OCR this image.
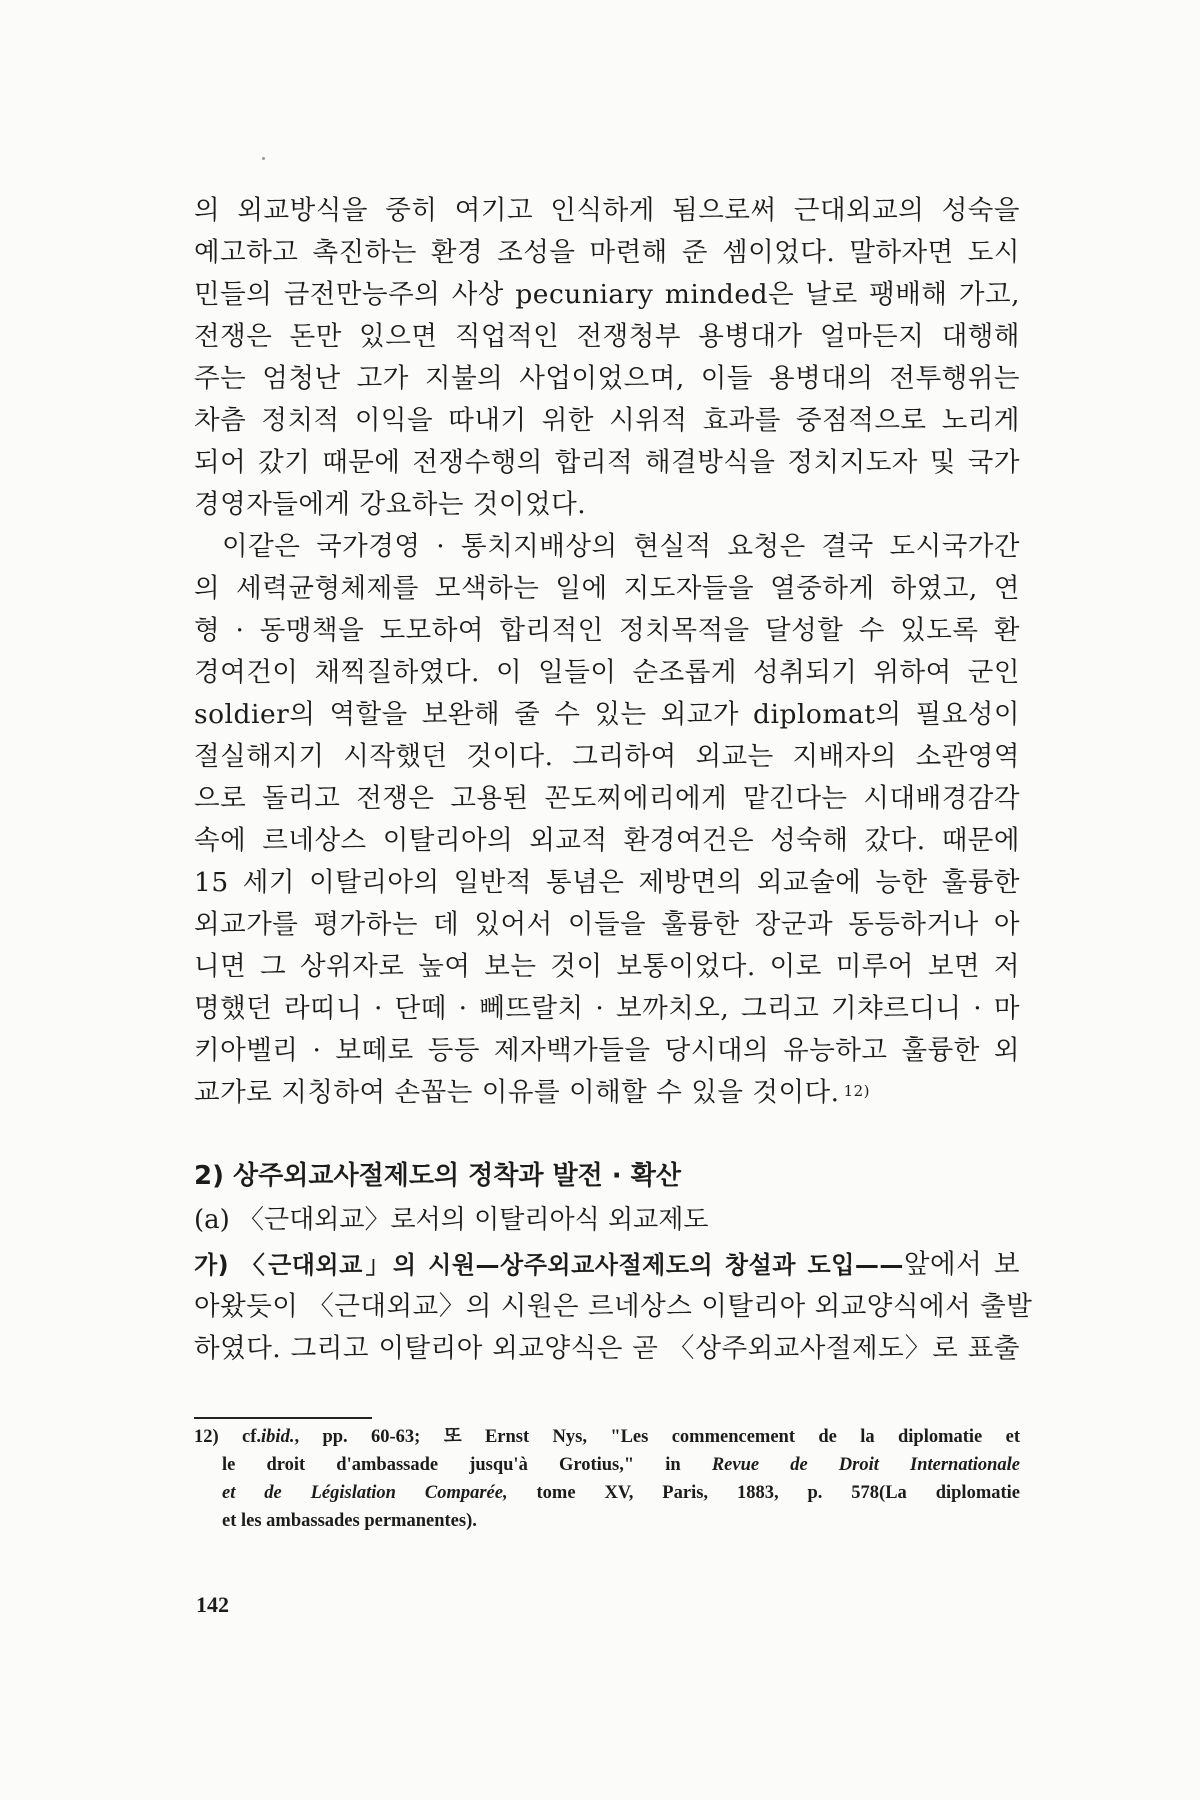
의 외교방식을 중히 여기고 인식하게 됨으로써 근대외교의 성숙을
예고하고 촉진하는 환경 조성을 마련해 준 셈이었다. 말하자면 도시
민들의 금전만능주의 사상 pecuniary minded은 날로 팽배해 가고,
전쟁은 돈만 있으면 직업적인 전쟁청부 용병대가 얼마든지 대행해
주는 엄청난 고가 지불의 사업이었으며, 이들 용병대의 전투행위는
차츰 정치적 이익을 따내기 위한 시위적 효과를 중점적으로 노리게
되어 갔기 때문에 전쟁수행의 합리적 해결방식을 정치지도자 및 국가
경영자들에게 강요하는 것이었다.
이같은 국가경영 · 통치지배상의 현실적 요청은 결국 도시국가간
의 세력균형체제를 모색하는 일에 지도자들을 열중하게 하였고, 연
형 · 동맹책을 도모하여 합리적인 정치목적을 달성할 수 있도록 환
경여건이 채찍질하였다. 이 일들이 순조롭게 성취되기 위하여 군인
soldier의 역할을 보완해 줄 수 있는 외교가 diplomat의 필요성이
절실해지기 시작했던 것이다. 그리하여 외교는 지배자의 소관영역
으로 돌리고 전쟁은 고용된 꼰도찌에리에게 맡긴다는 시대배경감각
속에 르네상스 이탈리아의 외교적 환경여건은 성숙해 갔다. 때문에
15 세기 이탈리아의 일반적 통념은 제방면의 외교술에 능한 훌륭한
외교가를 평가하는 데 있어서 이들을 훌륭한 장군과 동등하거나 아
니면 그 상위자로 높여 보는 것이 보통이었다. 이로 미루어 보면 저
명했던 라띠니 · 단떼 · 뻬뜨랄치 · 보까치오, 그리고 기챠르디니 · 마
키아벨리 · 보떼로 등등 제자백가들을 당시대의 유능하고 훌륭한 외
교가로 지칭하여 손꼽는 이유를 이해할 수 있을 것이다. $^{12)}$
2) 상주외교사절제도의 정착과 발전 · 확산
(a) 〈근대외교〉로서의 이탈리아식 외교제도
가) 〈근대외교」의 시원—상주외교사절제도의 창설과 도입——앞에서 보
아왔듯이 〈근대외교〉의 시원은 르네상스 이탈리아 외교양식에서 출발
하였다. 그리고 이탈리아 외교양식은 곧 〈상주외교사절제도〉로 표출
12) cf.ibid., pp. 60-63; 또 Ernst Nys, "Les commencement de la diplomatie et
le droit d'ambassade jusqu'à Grotius," in Revue de Droit Internationale
et de Législation Comparée, tome XV, Paris, 1883, p. 578(La diplomatie
et les ambassades permanentes).
142
